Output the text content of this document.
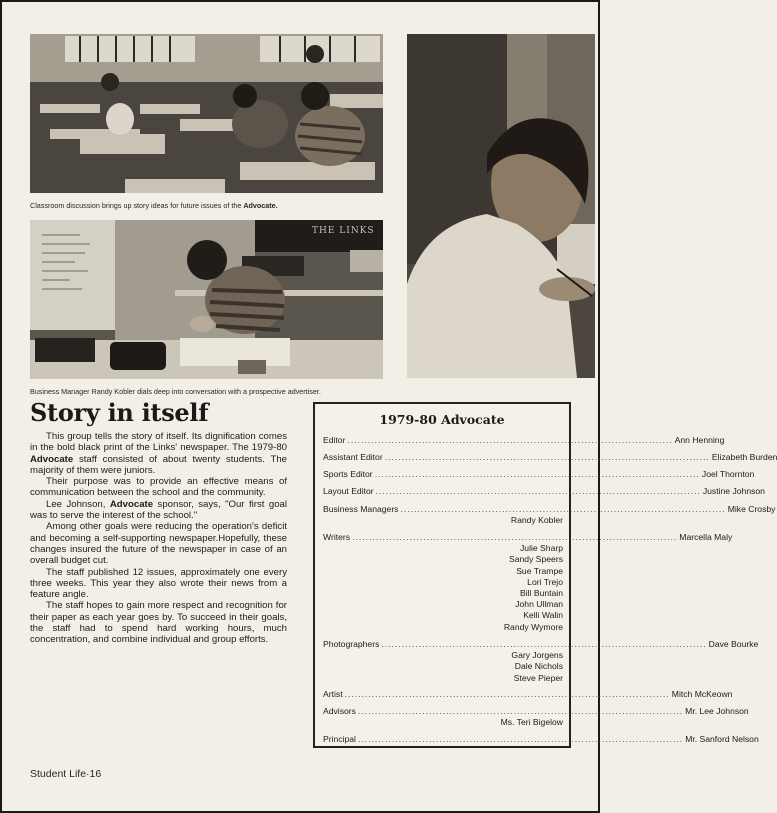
Classroom discussion brings up story ideas for future issues of the Advocate.
THE LINKS
Business Manager Randy Kobler dials deep into conversation with a prospective advertiser.
Story in itself

This group tells the story of itself. Its dignification comes in the bold black print of the Links' newspaper. The 1979-80 Advocate staff consisted of about twenty students. The majority of them were juniors.

Their purpose was to provide an effective means of communication between the school and the community.

Lee Johnson, Advocate sponsor, says, "Our first goal was to serve the interest of the school."

Among other goals were reducing the operation's deficit and becoming a self-supporting newspaper.Hopefully, these changes insured the future of the newspaper in case of an overall budget cut.

The staff published 12 issues, approximately one every three weeks. This year they also wrote their news from a feature angle.

The staff hopes to gain more respect and recognition for their paper as each year goes by. To succeed in their goals, the staff had to spend hard working hours, much concentration, and combine individual and group efforts.

1979-80 Advocate
Editor ................................................................................................ Ann Henning
Assistant Editor ................................................................................................ Elizabeth Burden
Sports Editor ................................................................................................ Joel Thornton
Layout Editor ................................................................................................ Justine Johnson
Business Managers ................................................................................................ Mike Crosby
Randy Kobler
Writers ................................................................................................ Marcella Maly
Julie Sharp
Sandy Speers
Sue Trampe
Lori Trejo
Bill Buntain
John Ullman
Kelli Walin
Randy Wymore
Photographers ................................................................................................ Dave Bourke
Gary Jorgens
Dale Nichols
Steve Pieper
Artist ................................................................................................ Mitch McKeown
Advisors ................................................................................................ Mr. Lee Johnson
Ms. Teri Bigelow
Principal ................................................................................................ Mr. Sanford Nelson
Student Life·16
